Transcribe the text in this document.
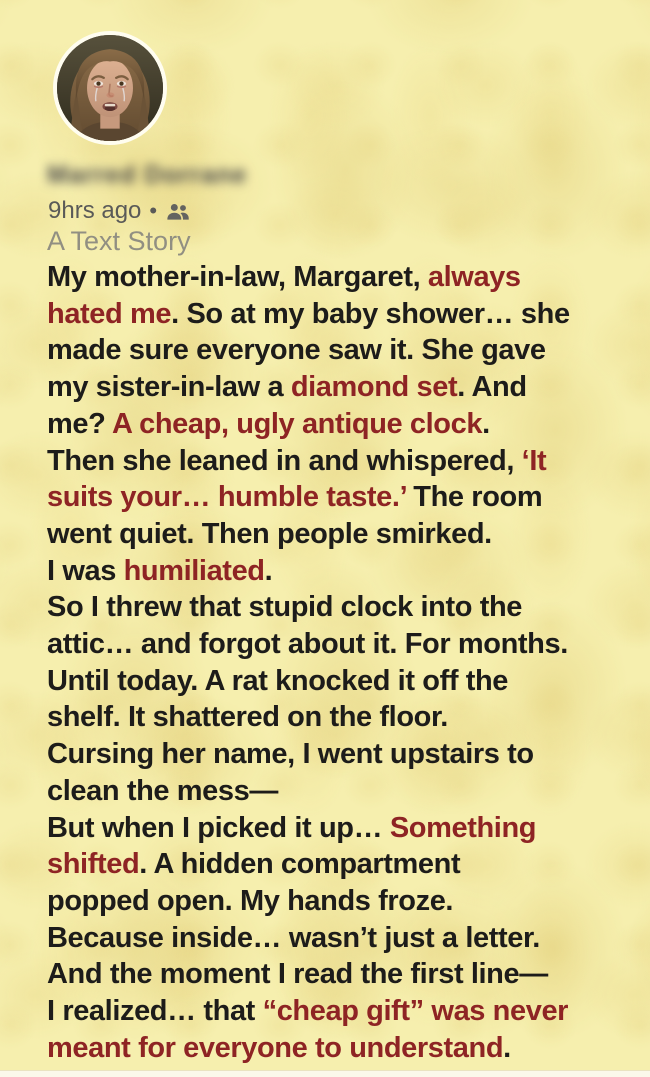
Marred Dorrane
9hrs ago •
A Text Story
My mother-in-law, Margaret, always
hated me. So at my baby shower… she
made sure everyone saw it. She gave
my sister-in-law a diamond set. And
me? A cheap, ugly antique clock.
Then she leaned in and whispered, ‘It
suits your… humble taste.’ The room
went quiet. Then people smirked.
I was humiliated.
So I threw that stupid clock into the
attic… and forgot about it. For months.
Until today. A rat knocked it off the
shelf. It shattered on the floor.
Cursing her name, I went upstairs to
clean the mess—
But when I picked it up… Something
shifted. A hidden compartment
popped open. My hands froze.
Because inside… wasn’t just a letter.
And the moment I read the first line—
I realized… that “cheap gift” was never
meant for everyone to understand.
